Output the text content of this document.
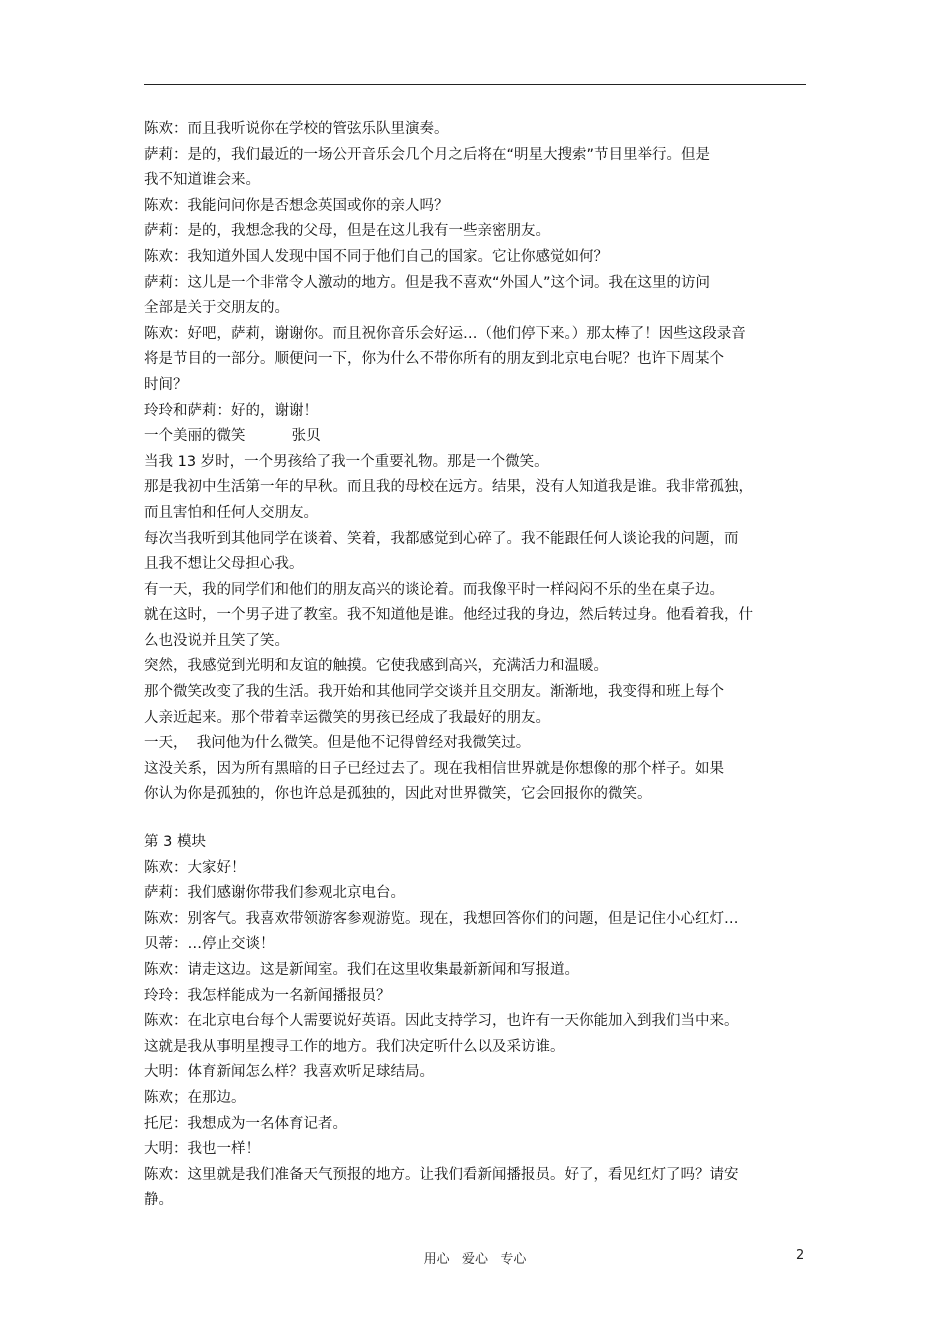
陈欢：而且我听说你在学校的管弦乐队里演奏。
萨莉：是的，我们最近的一场公开音乐会几个月之后将在“明星大搜索”节目里举行。但是
我不知道谁会来。
陈欢：我能问问你是否想念英国或你的亲人吗？
萨莉：是的，我想念我的父母，但是在这儿我有一些亲密朋友。
陈欢：我知道外国人发现中国不同于他们自己的国家。它让你感觉如何？
萨莉：这儿是一个非常令人激动的地方。但是我不喜欢“外国人”这个词。我在这里的访问
全部是关于交朋友的。
陈欢：好吧，萨莉，谢谢你。而且祝你音乐会好运…（他们停下来。）那太棒了！因些这段录音
将是节目的一部分。顺便问一下，你为什么不带你所有的朋友到北京电台呢？也许下周某个
时间？
玲玲和萨莉：好的，谢谢！
一个美丽的微笑          张贝
当我 13 岁时，一个男孩给了我一个重要礼物。那是一个微笑。
那是我初中生活第一年的早秋。而且我的母校在远方。结果，没有人知道我是谁。我非常孤独，
而且害怕和任何人交朋友。
每次当我听到其他同学在谈着、笑着，我都感觉到心碎了。我不能跟任何人谈论我的问题，而
且我不想让父母担心我。
有一天，我的同学们和他们的朋友高兴的谈论着。而我像平时一样闷闷不乐的坐在桌子边。
就在这时，一个男子进了教室。我不知道他是谁。他经过我的身边，然后转过身。他看着我，什
么也没说并且笑了笑。
突然，我感觉到光明和友谊的触摸。它使我感到高兴，充满活力和温暖。
那个微笑改变了我的生活。我开始和其他同学交谈并且交朋友。渐渐地，我变得和班上每个
人亲近起来。那个带着幸运微笑的男孩已经成了我最好的朋友。
一天，  我问他为什么微笑。但是他不记得曾经对我微笑过。
这没关系，因为所有黑暗的日子已经过去了。现在我相信世界就是你想像的那个样子。如果
你认为你是孤独的，你也许总是孤独的，因此对世界微笑，它会回报你的微笑。
第 3 模块
陈欢：大家好！
萨莉：我们感谢你带我们参观北京电台。
陈欢：别客气。我喜欢带领游客参观游览。现在，我想回答你们的问题，但是记住小心红灯…
贝蒂：…停止交谈！
陈欢：请走这边。这是新闻室。我们在这里收集最新新闻和写报道。
玲玲：我怎样能成为一名新闻播报员？
陈欢：在北京电台每个人需要说好英语。因此支持学习，也许有一天你能加入到我们当中来。
这就是我从事明星搜寻工作的地方。我们决定听什么以及采访谁。
大明：体育新闻怎么样？我喜欢听足球结局。
陈欢；在那边。
托尼：我想成为一名体育记者。
大明：我也一样！
陈欢：这里就是我们准备天气预报的地方。让我们看新闻播报员。好了，看见红灯了吗？请安
静。
用心   爱心   专心	2
